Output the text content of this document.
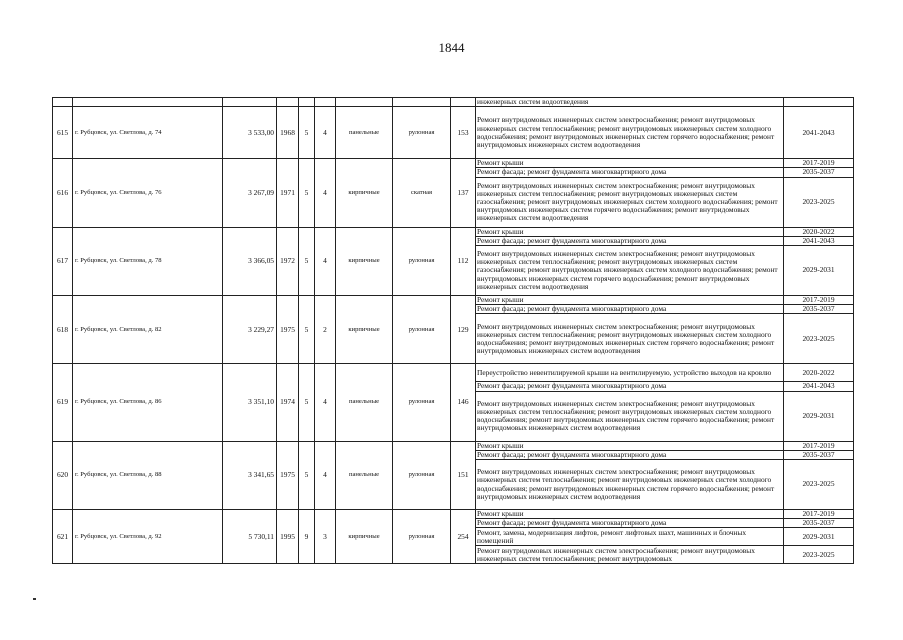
1844
									инженерных систем водоотведения	
615	г. Рубцовск, ул. Светлова, д. 74	3 533,00	1968	5	4	панельные	рулонная	153	Ремонт внутридомовых инженерных систем электроснабжения; ремонт внутридомовых инженерных систем теплоснабжения; ремонт внутридомовых инженерных систем холодного водоснабжения; ремонт внутридомовых инженерных систем горячего водоснабжения; ремонт внутридомовых инженерных систем водоотведения	2041-2043
616	г. Рубцовск, ул. Светлова, д. 76	3 267,09	1971	5	4	кирпичные	скатная	137	Ремонт крыши	2017-2019
									Ремонт фасада; ремонт фундамента многоквартирного дома	2035-2037
									Ремонт внутридомовых инженерных систем электроснабжения; ремонт внутридомовых инженерных систем теплоснабжения; ремонт внутридомовых инженерных систем газоснабжения; ремонт внутридомовых инженерных систем холодного водоснабжения; ремонт внутридомовых инженерных систем горячего водоснабжения; ремонт внутридомовых инженерных систем водоотведения	2023-2025
617	г. Рубцовск, ул. Светлова, д. 78	3 366,05	1972	5	4	кирпичные	рулонная	112	Ремонт крыши	2020-2022
									Ремонт фасада; ремонт фундамента многоквартирного дома	2041-2043
									Ремонт внутридомовых инженерных систем электроснабжения; ремонт внутридомовых инженерных систем теплоснабжения; ремонт внутридомовых инженерных систем газоснабжения; ремонт внутридомовых инженерных систем холодного водоснабжения; ремонт внутридомовых инженерных систем горячего водоснабжения; ремонт внутридомовых инженерных систем водоотведения	2029-2031
618	г. Рубцовск, ул. Светлова, д. 82	3 229,27	1975	5	2	кирпичные	рулонная	129	Ремонт крыши	2017-2019
									Ремонт фасада; ремонт фундамента многоквартирного дома	2035-2037
									Ремонт внутридомовых инженерных систем электроснабжения; ремонт внутридомовых инженерных систем теплоснабжения; ремонт внутридомовых инженерных систем холодного водоснабжения; ремонт внутридомовых инженерных систем горячего водоснабжения; ремонт внутридомовых инженерных систем водоотведения	2023-2025
619	г. Рубцовск, ул. Светлова, д. 86	3 351,10	1974	5	4	панельные	рулонная	146	Переустройство невентилируемой крыши на вентилируемую, устройство выходов на кровлю	2020-2022
									Ремонт фасада; ремонт фундамента многоквартирного дома	2041-2043
									Ремонт внутридомовых инженерных систем электроснабжения; ремонт внутридомовых инженерных систем теплоснабжения; ремонт внутридомовых инженерных систем холодного водоснабжения; ремонт внутридомовых инженерных систем горячего водоснабжения; ремонт внутридомовых инженерных систем водоотведения	2029-2031
620	г. Рубцовск, ул. Светлова, д. 88	3 341,65	1975	5	4	панельные	рулонная	151	Ремонт крыши	2017-2019
									Ремонт фасада; ремонт фундамента многоквартирного дома	2035-2037
									Ремонт внутридомовых инженерных систем электроснабжения; ремонт внутридомовых инженерных систем теплоснабжения; ремонт внутридомовых инженерных систем холодного водоснабжения; ремонт внутридомовых инженерных систем горячего водоснабжения; ремонт внутридомовых инженерных систем водоотведения	2023-2025
621	г. Рубцовск, ул. Светлова, д. 92	5 730,11	1995	9	3	кирпичные	рулонная	254	Ремонт крыши	2017-2019
									Ремонт фасада; ремонт фундамента многоквартирного дома	2035-2037
									Ремонт, замена, модернизация лифтов, ремонт лифтовых шахт, машинных и блочных помещений	2029-2031
									Ремонт внутридомовых инженерных систем электроснабжения; ремонт внутридомовых инженерных систем теплоснабжения; ремонт внутридомовых	2023-2025
